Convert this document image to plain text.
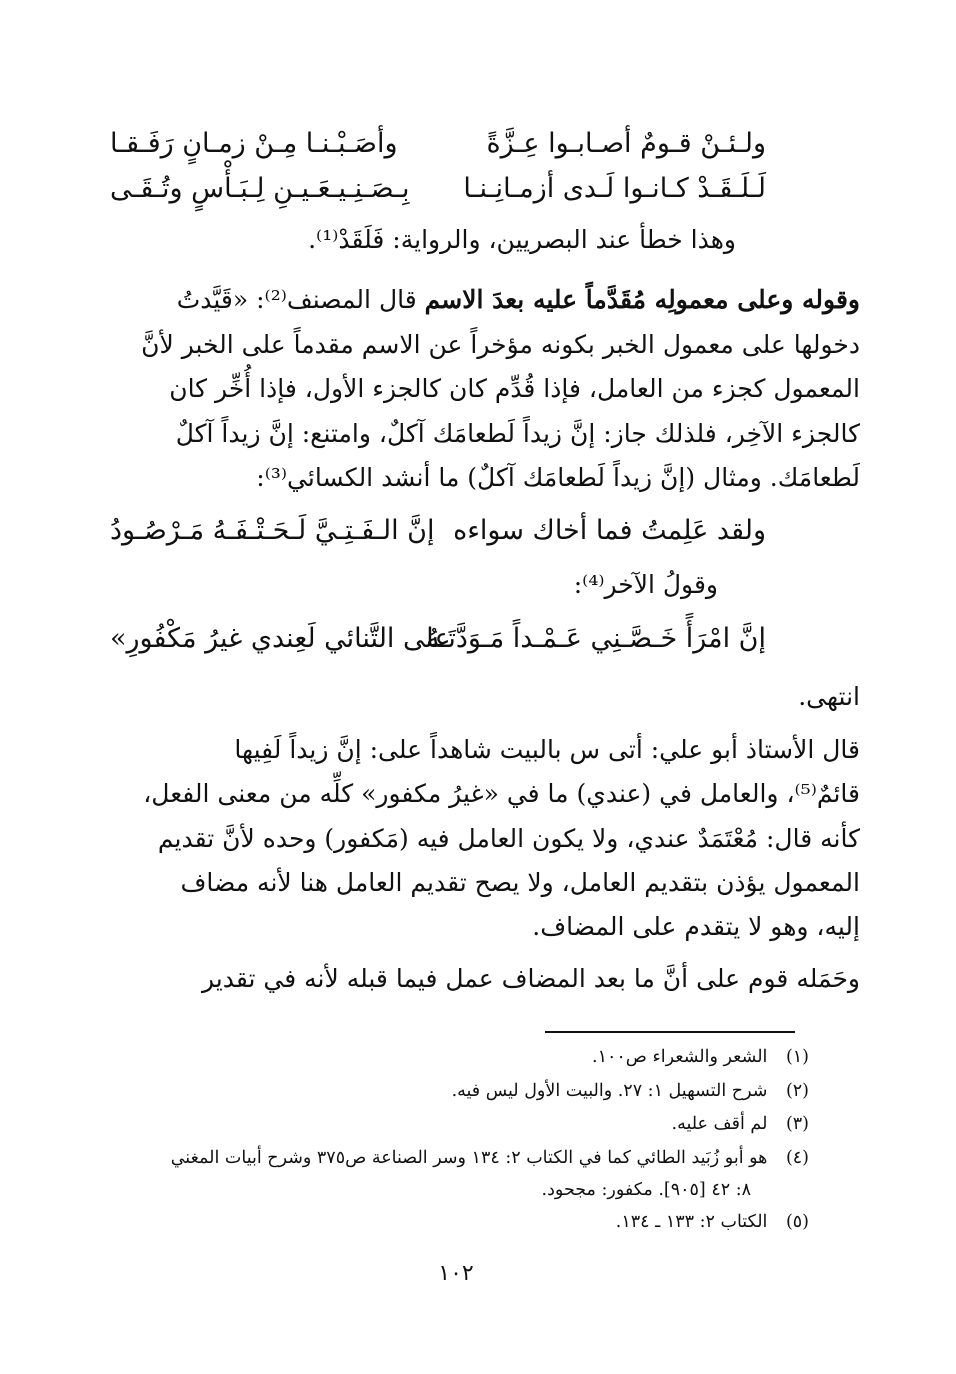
ولـئـنْ قـومٌ أصـابـوا عِـزَّةً
وأصَـبْـنـا مِـنْ زمـانٍ رَفَـقـا
لَـلَـقَـدْ كـانـوا لَـدى أزمـانِـنـا
بِـصَـنِـيـعَـيـنِ لِـبَـأْسٍ وتُـقَـى
وهذا خطأ عند البصريين، والرواية: فَلَقَدْ⁽¹⁾.
وقوله وعلى معمولِه مُقَدَّماً عليه بعدَ الاسم قال المصنف⁽²⁾: «قَيَّدتُ
دخولها على معمول الخبر بكونه مؤخراً عن الاسم مقدماً على الخبر لأنَّ
المعمول كجزء من العامل، فإذا قُدِّم كان كالجزء الأول، فإذا أُخِّر كان
كالجزء الآخِر، فلذلك جاز: إنَّ زيداً لَطعامَك آكلٌ، وامتنع: إنَّ زيداً آكلٌ
لَطعامَك. ومثال (إنَّ زيداً لَطعامَك آكلٌ) ما أنشد الكسائي⁽³⁾:
ولقد عَلِمتُ فما أخاك سواءه
إنَّ الـفَـتِـيَّ لَـحَـتْـفَـهُ مَـرْصُـودُ
وقولُ الآخر⁽⁴⁾:
إنَّ امْرَأً خَـصَّـنِي عَـمْـداً مَـوَدَّتَـهُ
على التَّنائي لَعِندي غيرُ مَكْفُورِ»
انتهى.
قال الأستاذ أبو علي: أتى س بالبيت شاهداً على: إنَّ زيداً لَفِيها
قائمٌ⁽⁵⁾، والعامل في (عندي) ما في «غيرُ مكفور» كلِّه من معنى الفعل،
كأنه قال: مُعْتَمَدٌ عندي، ولا يكون العامل فيه (مَكفور) وحده لأنَّ تقديم
المعمول يؤذن بتقديم العامل، ولا يصح تقديم العامل هنا لأنه مضاف
إليه، وهو لا يتقدم على المضاف.
وحَمَله قوم على أنَّ ما بعد المضاف عمل فيما قبله لأنه في تقدير
(١) الشعر والشعراء ص١٠٠.
(٢) شرح التسهيل ١: ٢٧. والبيت الأول ليس فيه.
(٣) لم أقف عليه.
(٤) هو أبو زُبَيد الطائي كما في الكتاب ٢: ١٣٤ وسر الصناعة ص٣٧٥ وشرح أبيات المغني
٨: ٤٢ [٩٠٥]. مكفور: مجحود.
(٥) الكتاب ٢: ١٣٣ ـ ١٣٤.
١٠٢
